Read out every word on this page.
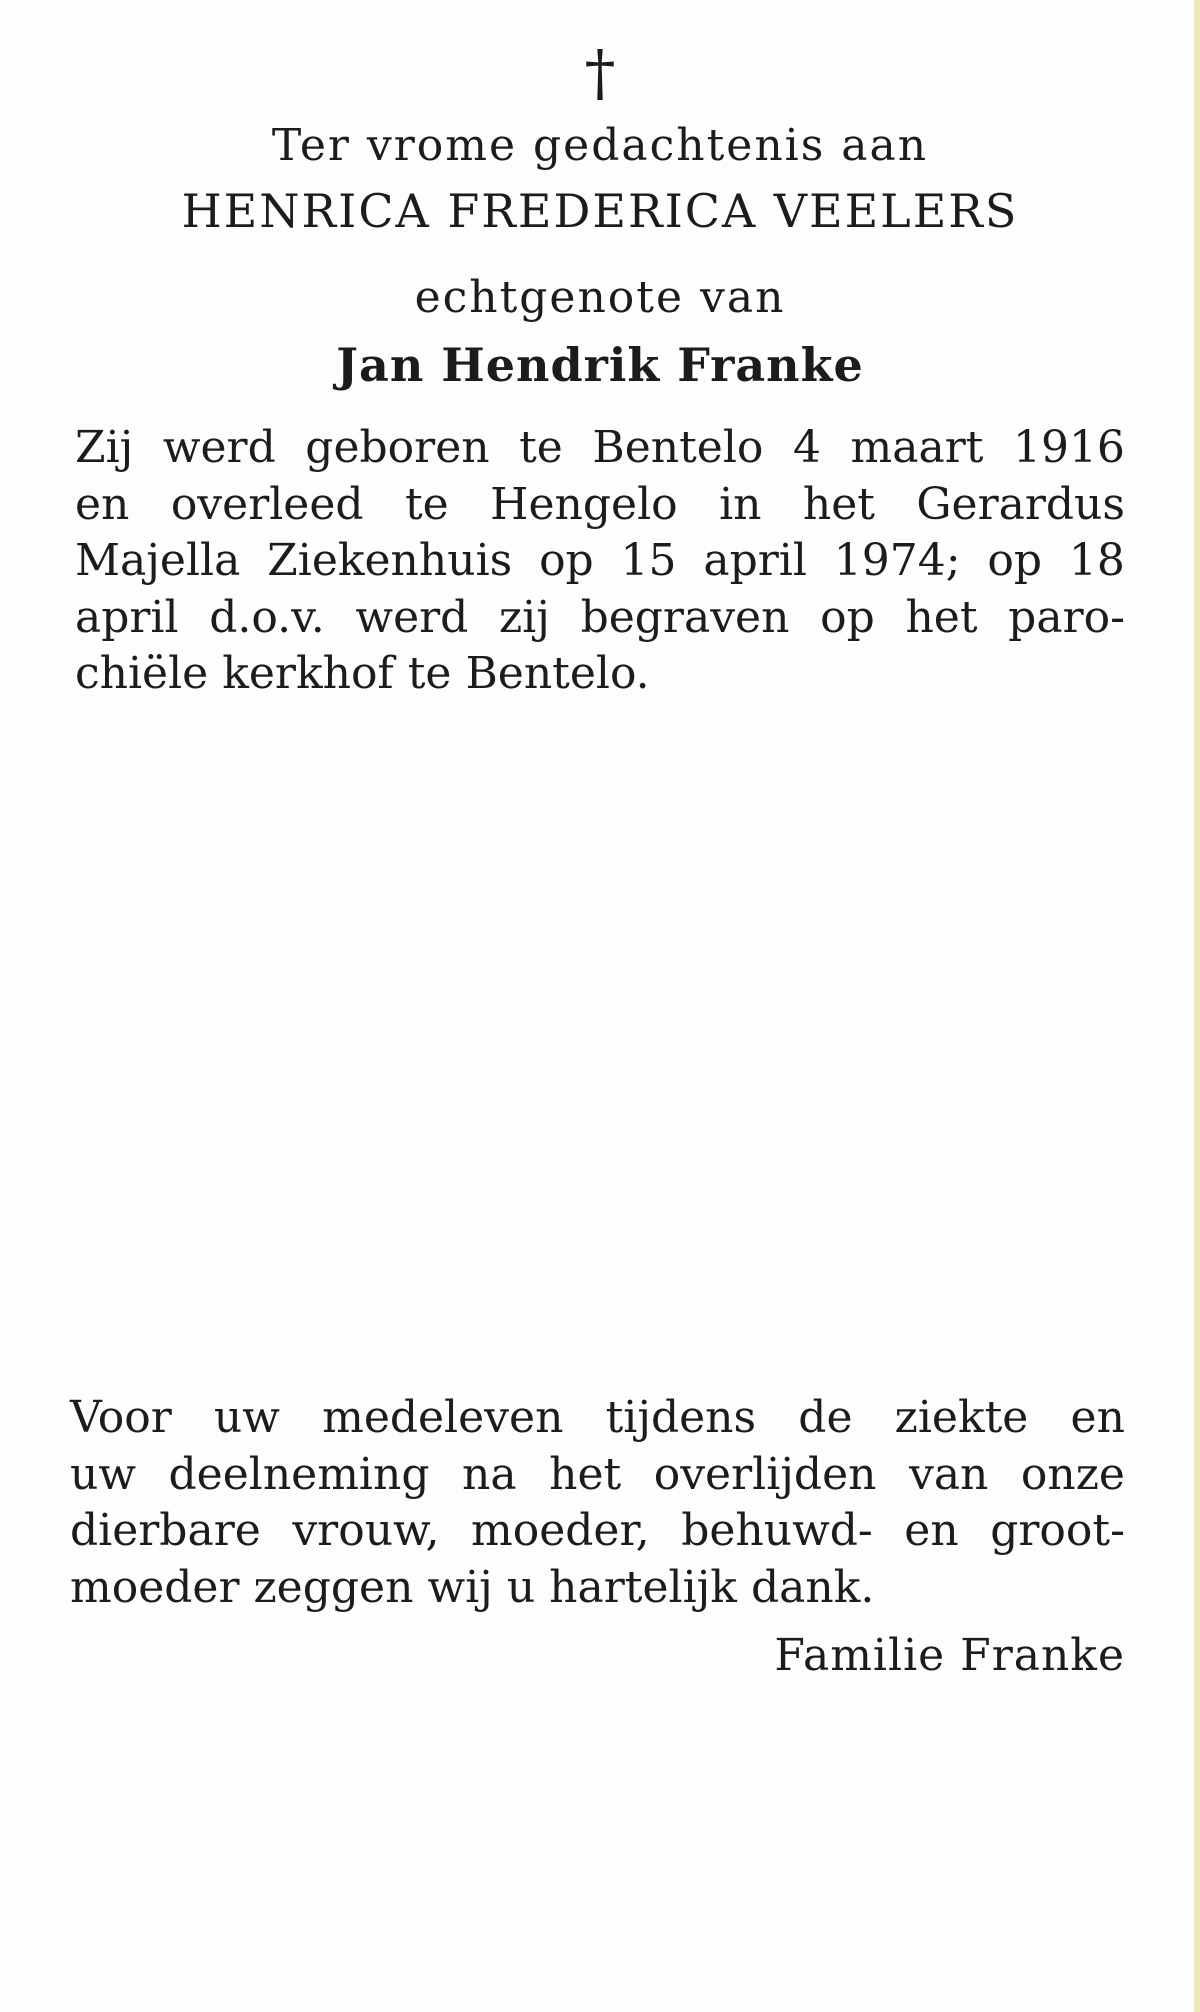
†
Ter vrome gedachtenis aan
HENRICA FREDERICA VEELERS
echtgenote van
Jan Hendrik Franke
Zij werd geboren te Bentelo 4 maart 1916
en overleed te Hengelo in het Gerardus
Majella Ziekenhuis op 15 april 1974; op 18
april d.o.v. werd zij begraven op het paro-
chiële kerkhof te Bentelo.
Voor uw medeleven tijdens de ziekte en
uw deelneming na het overlijden van onze
dierbare vrouw, moeder, behuwd- en groot-
moeder zeggen wij u hartelijk dank.
Familie Franke
